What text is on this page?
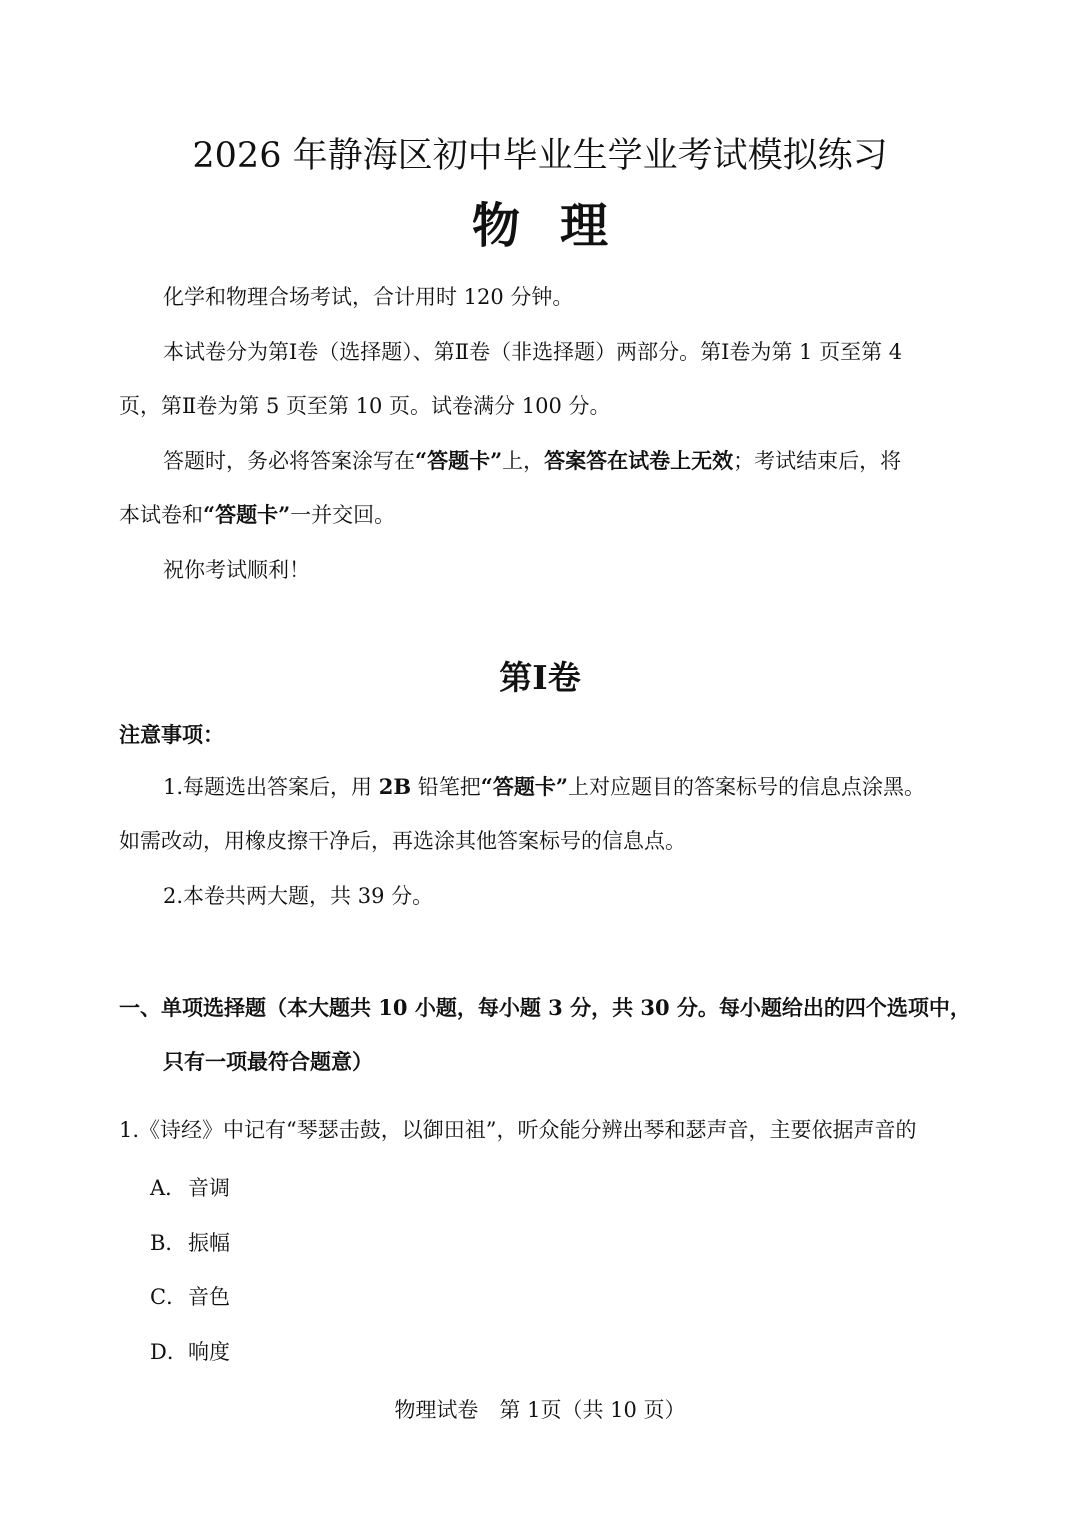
2026 年静海区初中毕业生学业考试模拟练习
物 理
化学和物理合场考试，合计用时 120 分钟。
本试卷分为第Ⅰ卷（选择题）、第Ⅱ卷（非选择题）两部分。第Ⅰ卷为第 1 页至第 4
页，第Ⅱ卷为第 5 页至第 10 页。试卷满分 100 分。
答题时，务必将答案涂写在“答题卡”上，答案答在试卷上无效；考试结束后，将
本试卷和“答题卡”一并交回。
祝你考试顺利！
第Ⅰ卷
注意事项：
1.每题选出答案后，用 2B 铅笔把“答题卡”上对应题目的答案标号的信息点涂黑。
如需改动，用橡皮擦干净后，再选涂其他答案标号的信息点。
2.本卷共两大题，共 39 分。
一、单项选择题（本大题共 10 小题，每小题 3 分，共 30 分。每小题给出的四个选项中，
只有一项最符合题意）
1.《诗经》中记有“琴瑟击鼓，以御田祖”，听众能分辨出琴和瑟声音，主要依据声音的
A．音调
B．振幅
C．音色
D．响度
物理试卷　第 1页（共 10 页）
